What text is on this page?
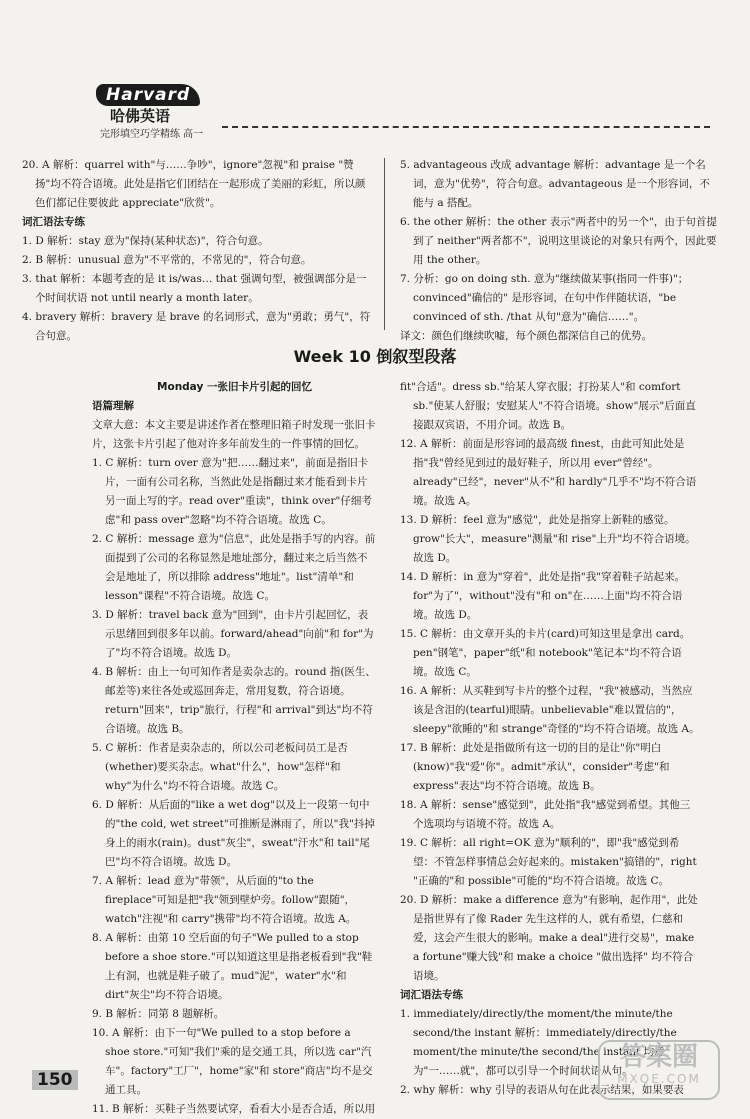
Harvard
哈佛英语
完形填空巧学精练 高一

20. A 解析：quarrel with"与……争吵"，ignore"忽视"和 praise "赞扬"均不符合语境。此处是指它们团结在一起形成了美丽的彩虹，所以颜色们都记住要彼此 appreciate"欣赏"。

词汇语法专练

1. D 解析：stay 意为"保持(某种状态)"，符合句意。

2. B 解析：unusual 意为"不平常的，不常见的"，符合句意。

3. that 解析：本题考查的是 it is/was… that 强调句型，被强调部分是一个时间状语 not until nearly a month later。

4. bravery 解析：bravery 是 brave 的名词形式，意为"勇敢；勇气"，符合句意。

5. advantageous 改成 advantage 解析：advantage 是一个名词，意为"优势"，符合句意。advantageous 是一个形容词，不能与 a 搭配。

6. the other 解析：the other 表示"两者中的另一个"，由于句首提到了 neither"两者都不"，说明这里谈论的对象只有两个，因此要用 the other。

7. 分析：go on doing sth. 意为"继续做某事(指同一件事)"；convinced"确信的" 是形容词，在句中作伴随状语，"be convinced of sth. /that 从句"意为"确信……"。

译文：颜色们继续吹嘘，每个颜色都深信自己的优势。

Week 10 倒叙型段落

Monday 一张旧卡片引起的回忆

语篇理解

文章大意：本文主要是讲述作者在整理旧箱子时发现一张旧卡片，这张卡片引起了他对许多年前发生的一件事情的回忆。

1. C 解析：turn over 意为"把……翻过来"，前面是指旧卡片，一面有公司名称，当然此处是指翻过来才能看到卡片另一面上写的字。read over"重读"，think over"仔细考虑"和 pass over"忽略"均不符合语境。故选 C。

2. C 解析：message 意为"信息"，此处是指手写的内容。前面提到了公司的名称显然是地址部分，翻过来之后当然不会是地址了，所以排除 address"地址"。list"清单"和 lesson"课程"不符合语境。故选 C。

3. D 解析：travel back 意为"回到"，由卡片引起回忆，表示思绪回到很多年以前。forward/ahead"向前"和 for"为了"均不符合语境。故选 D。

4. B 解析：由上一句可知作者是卖杂志的。round 指(医生、邮差等)来往各处或巡回奔走，常用复数，符合语境。return"回来"，trip"旅行，行程"和 arrival"到达"均不符合语境。故选 B。

5. C 解析：作者是卖杂志的，所以公司老板问员工是否(whether)要买杂志。what"什么"，how"怎样"和 why"为什么"均不符合语境。故选 C。

6. D 解析：从后面的"like a wet dog"以及上一段第一句中的"the cold, wet street"可推断是淋雨了，所以"我"抖掉身上的雨水(rain)。dust"灰尘"，sweat"汗水"和 tail"尾巴"均不符合语境。故选 D。

7. A 解析：lead 意为"带领"，从后面的"to the fireplace"可知是把"我"领到壁炉旁。follow"跟随"，watch"注视"和 carry"携带"均不符合语境。故选 A。

8. A 解析：由第 10 空后面的句子"We pulled to a stop before a shoe store."可以知道这里是指老板看到"我"鞋上有洞，也就是鞋子破了。mud"泥"，water"水"和 dirt"灰尘"均不符合语境。

9. B 解析：同第 8 题解析。

10. A 解析：由下一句"We pulled to a stop before a shoe store."可知"我们"乘的是交通工具，所以选 car"汽车"。factory"工厂"，home"家"和 store"商店"均不是交通工具。

11. B 解析：买鞋子当然要试穿，看看大小是否合适，所以用

fit"合适"。dress sb."给某人穿衣服；打扮某人"和 comfort sb."使某人舒服；安慰某人"不符合语境。show"展示"后面直接跟双宾语，不用介词。故选 B。

12. A 解析：前面是形容词的最高级 finest，由此可知此处是指"我"曾经见到过的最好鞋子，所以用 ever"曾经"。already"已经"，never"从不"和 hardly"几乎不"均不符合语境。故选 A。

13. D 解析：feel 意为"感觉"，此处是指穿上新鞋的感觉。grow"长大"，measure"测量"和 rise"上升"均不符合语境。故选 D。

14. D 解析：in 意为"穿着"，此处是指"我"穿着鞋子站起来。for"为了"，without"没有"和 on"在……上面"均不符合语境。故选 D。

15. C 解析：由文章开头的卡片(card)可知这里是拿出 card。pen"钢笔"，paper"纸"和 notebook"笔记本"均不符合语境。故选 C。

16. A 解析：从买鞋到写卡片的整个过程，"我"被感动，当然应该是含泪的(tearful)眼睛。unbelievable"难以置信的"，sleepy"欲睡的"和 strange"奇怪的"均不符合语境。故选 A。

17. B 解析：此处是指做所有这一切的目的是让"你"明白(know)"我"爱"你"。admit"承认"，consider"考虑"和 express"表达"均不符合语境。故选 B。

18. A 解析：sense"感觉到"，此处指"我"感觉到希望。其他三个选项均与语境不符。故选 A。

19. C 解析：all right=OK 意为"顺利的"，即"我"感觉到希望：不管怎样事情总会好起来的。mistaken"搞错的"，right "正确的"和 possible"可能的"均不符合语境。故选 C。

20. D 解析：make a difference 意为"有影响，起作用"，此处是指世界有了像 Rader 先生这样的人，就有希望，仁慈和爱，这会产生很大的影响。make a deal"进行交易"，make a fortune"赚大钱"和 make a choice "做出选择" 均不符合语境。

词汇语法专练

1. immediately/directly/the moment/the minute/the second/the instant 解析：immediately/directly/the moment/the minute/the second/the instant 均意为"一……就"，都可以引导一个时间状语从句。

2. why 解析：why 引导的表语从句在此表示结果，如果要表

150
答案圈
MXQE.COM
